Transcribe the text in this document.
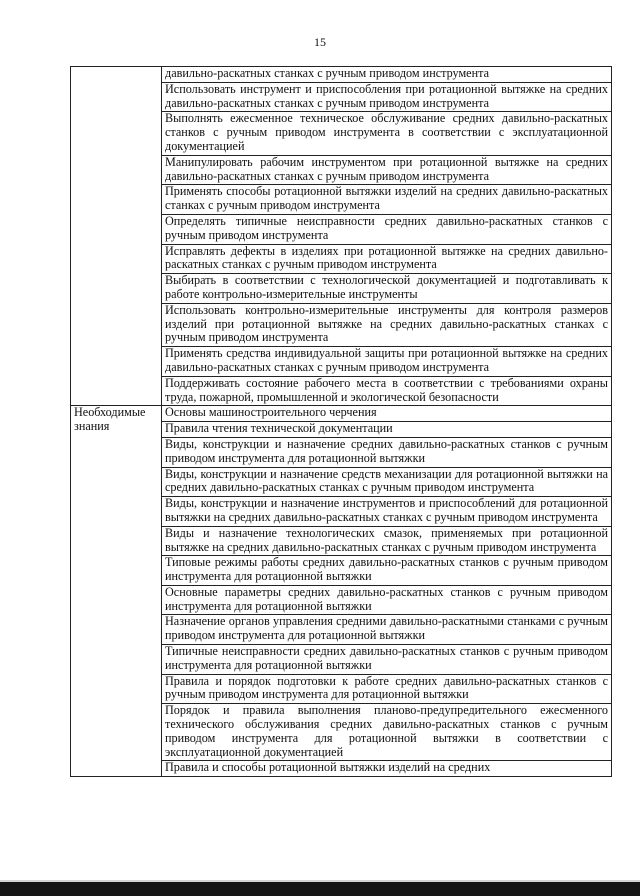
15
	давильно-раскатных станках с ручным приводом инструмента
	Использовать инструмент и приспособления при ротационной вытяжке на средних давильно-раскатных станках с ручным приводом инструмента
	Выполнять ежесменное техническое обслуживание средних давильно-раскатных станков с ручным приводом инструмента в соответствии с эксплуатационной документацией
	Манипулировать рабочим инструментом при ротационной вытяжке на средних давильно-раскатных станках с ручным приводом инструмента
	Применять способы ротационной вытяжки изделий на средних давильно-раскатных станках с ручным приводом инструмента
	Определять типичные неисправности средних давильно-раскатных станков с ручным приводом инструмента
	Исправлять дефекты в изделиях при ротационной вытяжке на средних давильно-раскатных станках с ручным приводом инструмента
	Выбирать в соответствии с технологической документацией и подготавливать к работе контрольно-измерительные инструменты
	Использовать контрольно-измерительные инструменты для контроля размеров изделий при ротационной вытяжке на средних давильно-раскатных станках с ручным приводом инструмента
	Применять средства индивидуальной защиты при ротационной вытяжке на средних давильно-раскатных станках с ручным приводом инструмента
	Поддерживать состояние рабочего места в соответствии с требованиями охраны труда, пожарной, промышленной и экологической безопасности
Необходимые знания	Основы машиностроительного черчения
	Правила чтения технической документации
	Виды, конструкции и назначение средних давильно-раскатных станков с ручным приводом инструмента для ротационной вытяжки
	Виды, конструкции и назначение средств механизации для ротационной вытяжки на средних давильно-раскатных станках с ручным приводом инструмента
	Виды, конструкции и назначение инструментов и приспособлений для ротационной вытяжки на средних давильно-раскатных станках с ручным приводом инструмента
	Виды и назначение технологических смазок, применяемых при ротационной вытяжке на средних давильно-раскатных станках с ручным приводом инструмента
	Типовые режимы работы средних давильно-раскатных станков с ручным приводом инструмента для ротационной вытяжки
	Основные параметры средних давильно-раскатных станков с ручным приводом инструмента для ротационной вытяжки
	Назначение органов управления средними давильно-раскатными станками с ручным приводом инструмента для ротационной вытяжки
	Типичные неисправности средних давильно-раскатных станков с ручным приводом инструмента для ротационной вытяжки
	Правила и порядок подготовки к работе средних давильно-раскатных станков с ручным приводом инструмента для ротационной вытяжки
	Порядок и правила выполнения планово-предупредительного ежесменного технического обслуживания средних давильно-раскатных станков с ручным приводом инструмента для ротационной вытяжки в соответствии с эксплуатационной документацией
	Правила и способы ротационной вытяжки изделий на средних
